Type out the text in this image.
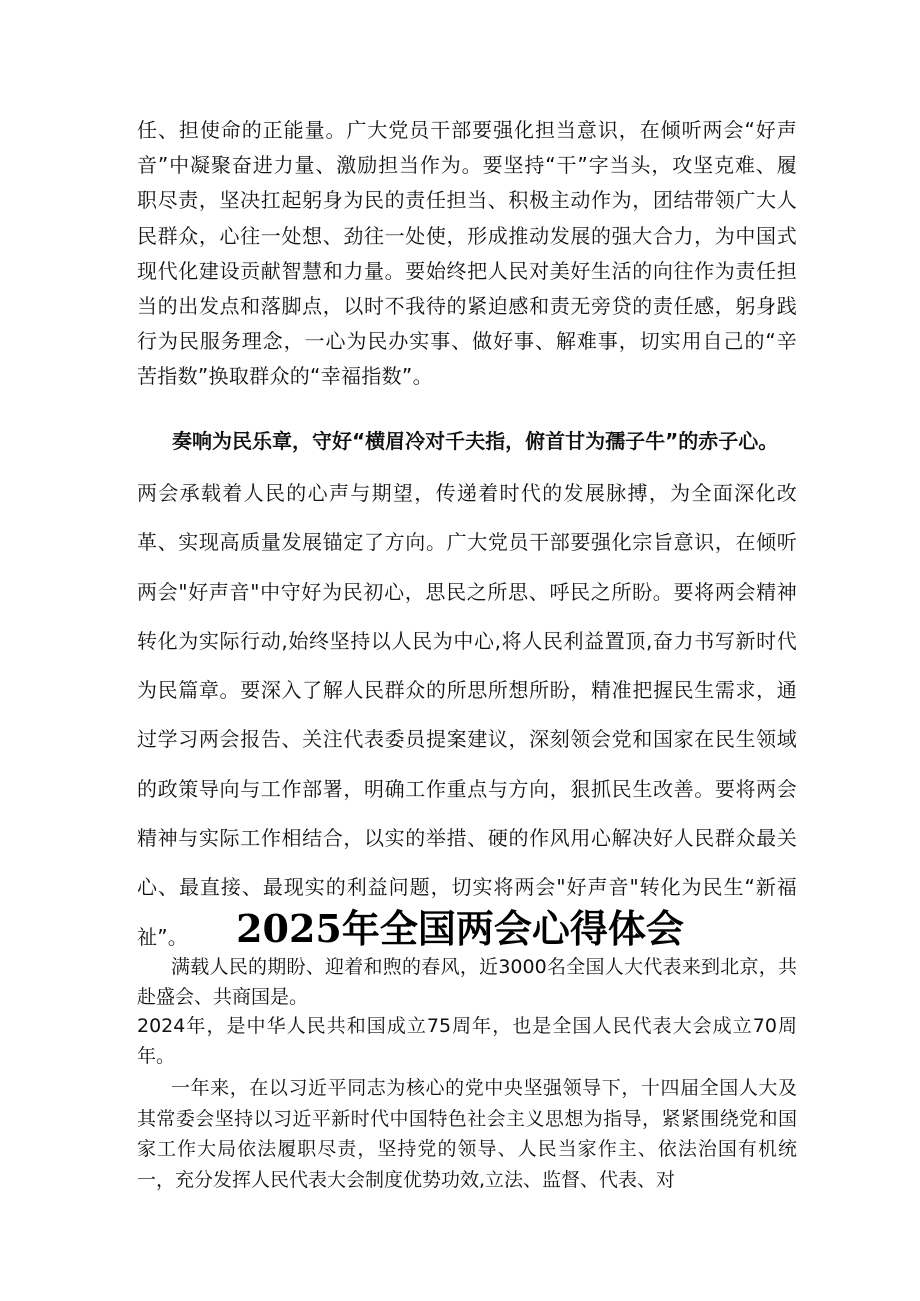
任、担使命的正能量。广大党员干部要强化担当意识，在倾听两会“好声音”中凝聚奋进力量、激励担当作为。要坚持“干”字当头，攻坚克难、履职尽责，坚决扛起躬身为民的责任担当、积极主动作为，团结带领广大人民群众，心往一处想、劲往一处使，形成推动发展的强大合力，为中国式现代化建设贡献智慧和力量。要始终把人民对美好生活的向往作为责任担当的出发点和落脚点，以时不我待的紧迫感和责无旁贷的责任感，躬身践行为民服务理念，一心为民办实事、做好事、解难事，切实用自己的“辛苦指数”换取群众的“幸福指数”。

奏响为民乐章，守好“横眉冷对千夫指，俯首甘为孺子牛”的赤子心。

两会承载着人民的心声与期望，传递着时代的发展脉搏，为全面深化改革、实现高质量发展锚定了方向。广大党员干部要强化宗旨意识，在倾听两会"好声音"中守好为民初心，思民之所思、呼民之所盼。要将两会精神转化为实际行动,始终坚持以人民为中心,将人民利益置顶,奋力书写新时代为民篇章。要深入了解人民群众的所思所想所盼，精准把握民生需求，通过学习两会报告、关注代表委员提案建议，深刻领会党和国家在民生领域的政策导向与工作部署，明确工作重点与方向，狠抓民生改善。要将两会精神与实际工作相结合，以实的举措、硬的作风用心解决好人民群众最关心、最直接、最现实的利益问题，切实将两会"好声音"转化为民生“新福祉”。	2025年全国两会心得体会

满载人民的期盼、迎着和煦的春风，近3000名全国人大代表来到北京，共赴盛会、共商国是。

2024年，是中华人民共和国成立75周年，也是全国人民代表大会成立70周年。

一年来，在以习近平同志为核心的党中央坚强领导下，十四届全国人大及其常委会坚持以习近平新时代中国特色社会主义思想为指导，紧紧围绕党和国家工作大局依法履职尽责，坚持党的领导、人民当家作主、依法治国有机统一，充分发挥人民代表大会制度优势功效,立法、监督、代表、对
